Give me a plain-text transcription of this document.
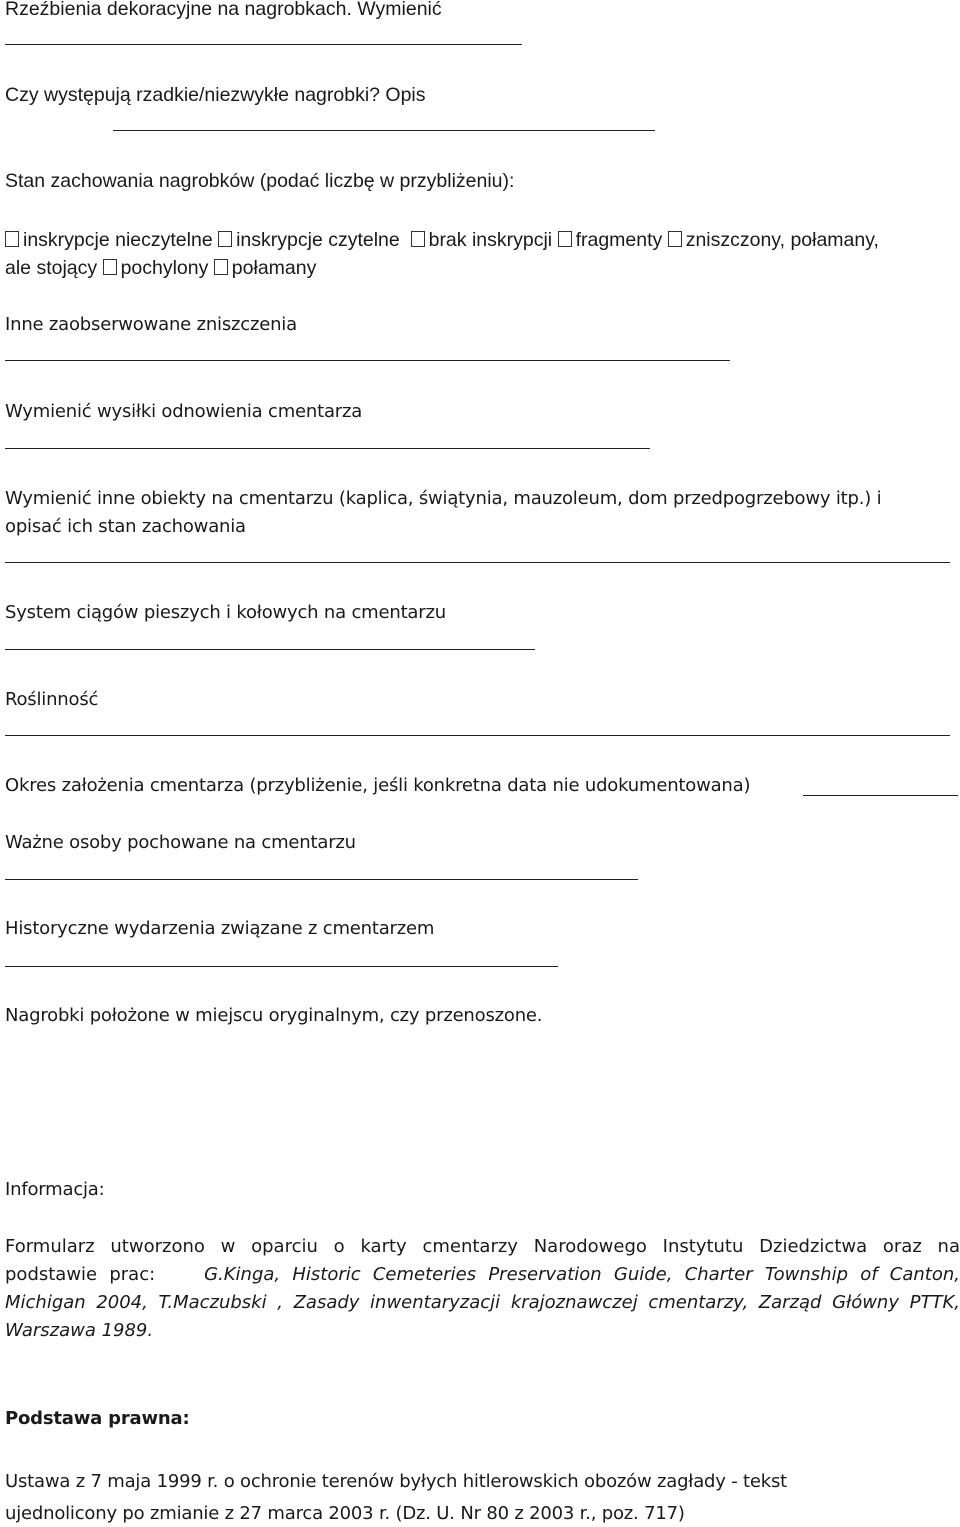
Rzeźbienia dekoracyjne na nagrobkach. Wymienić
Czy występują rzadkie/niezwykłe nagrobki? Opis
Stan zachowania nagrobków (podać liczbę w przybliżeniu):
inskrypcje nieczytelne inskrypcje czytelne brak inskrypcji fragmenty zniszczony, połamany,
ale stojący pochylony połamany
Inne zaobserwowane zniszczenia
Wymienić wysiłki odnowienia cmentarza
Wymienić inne obiekty na cmentarzu (kaplica, świątynia, mauzoleum, dom przedpogrzebowy itp.) i
opisać ich stan zachowania
System ciągów pieszych i kołowych na cmentarzu
Roślinność
Okres założenia cmentarza (przybliżenie, jeśli konkretna data nie udokumentowana)
Ważne osoby pochowane na cmentarzu
Historyczne wydarzenia związane z cmentarzem
Nagrobki położone w miejscu oryginalnym, czy przenoszone.
Informacja:
Formularz utworzono w oparciu o karty cmentarzy Narodowego Instytutu Dziedzictwa oraz na
podstawie prac:	G.Kinga, Historic Cemeteries Preservation Guide, Charter Township of Canton,
Michigan 2004, T.Maczubski , Zasady inwentaryzacji krajoznawczej cmentarzy, Zarząd Główny PTTK,
Warszawa 1989.
Podstawa prawna:
Ustawa z 7 maja 1999 r. o ochronie terenów byłych hitlerowskich obozów zagłady - tekst
ujednolicony po zmianie z 27 marca 2003 r. (Dz. U. Nr 80 z 2003 r., poz. 717)
